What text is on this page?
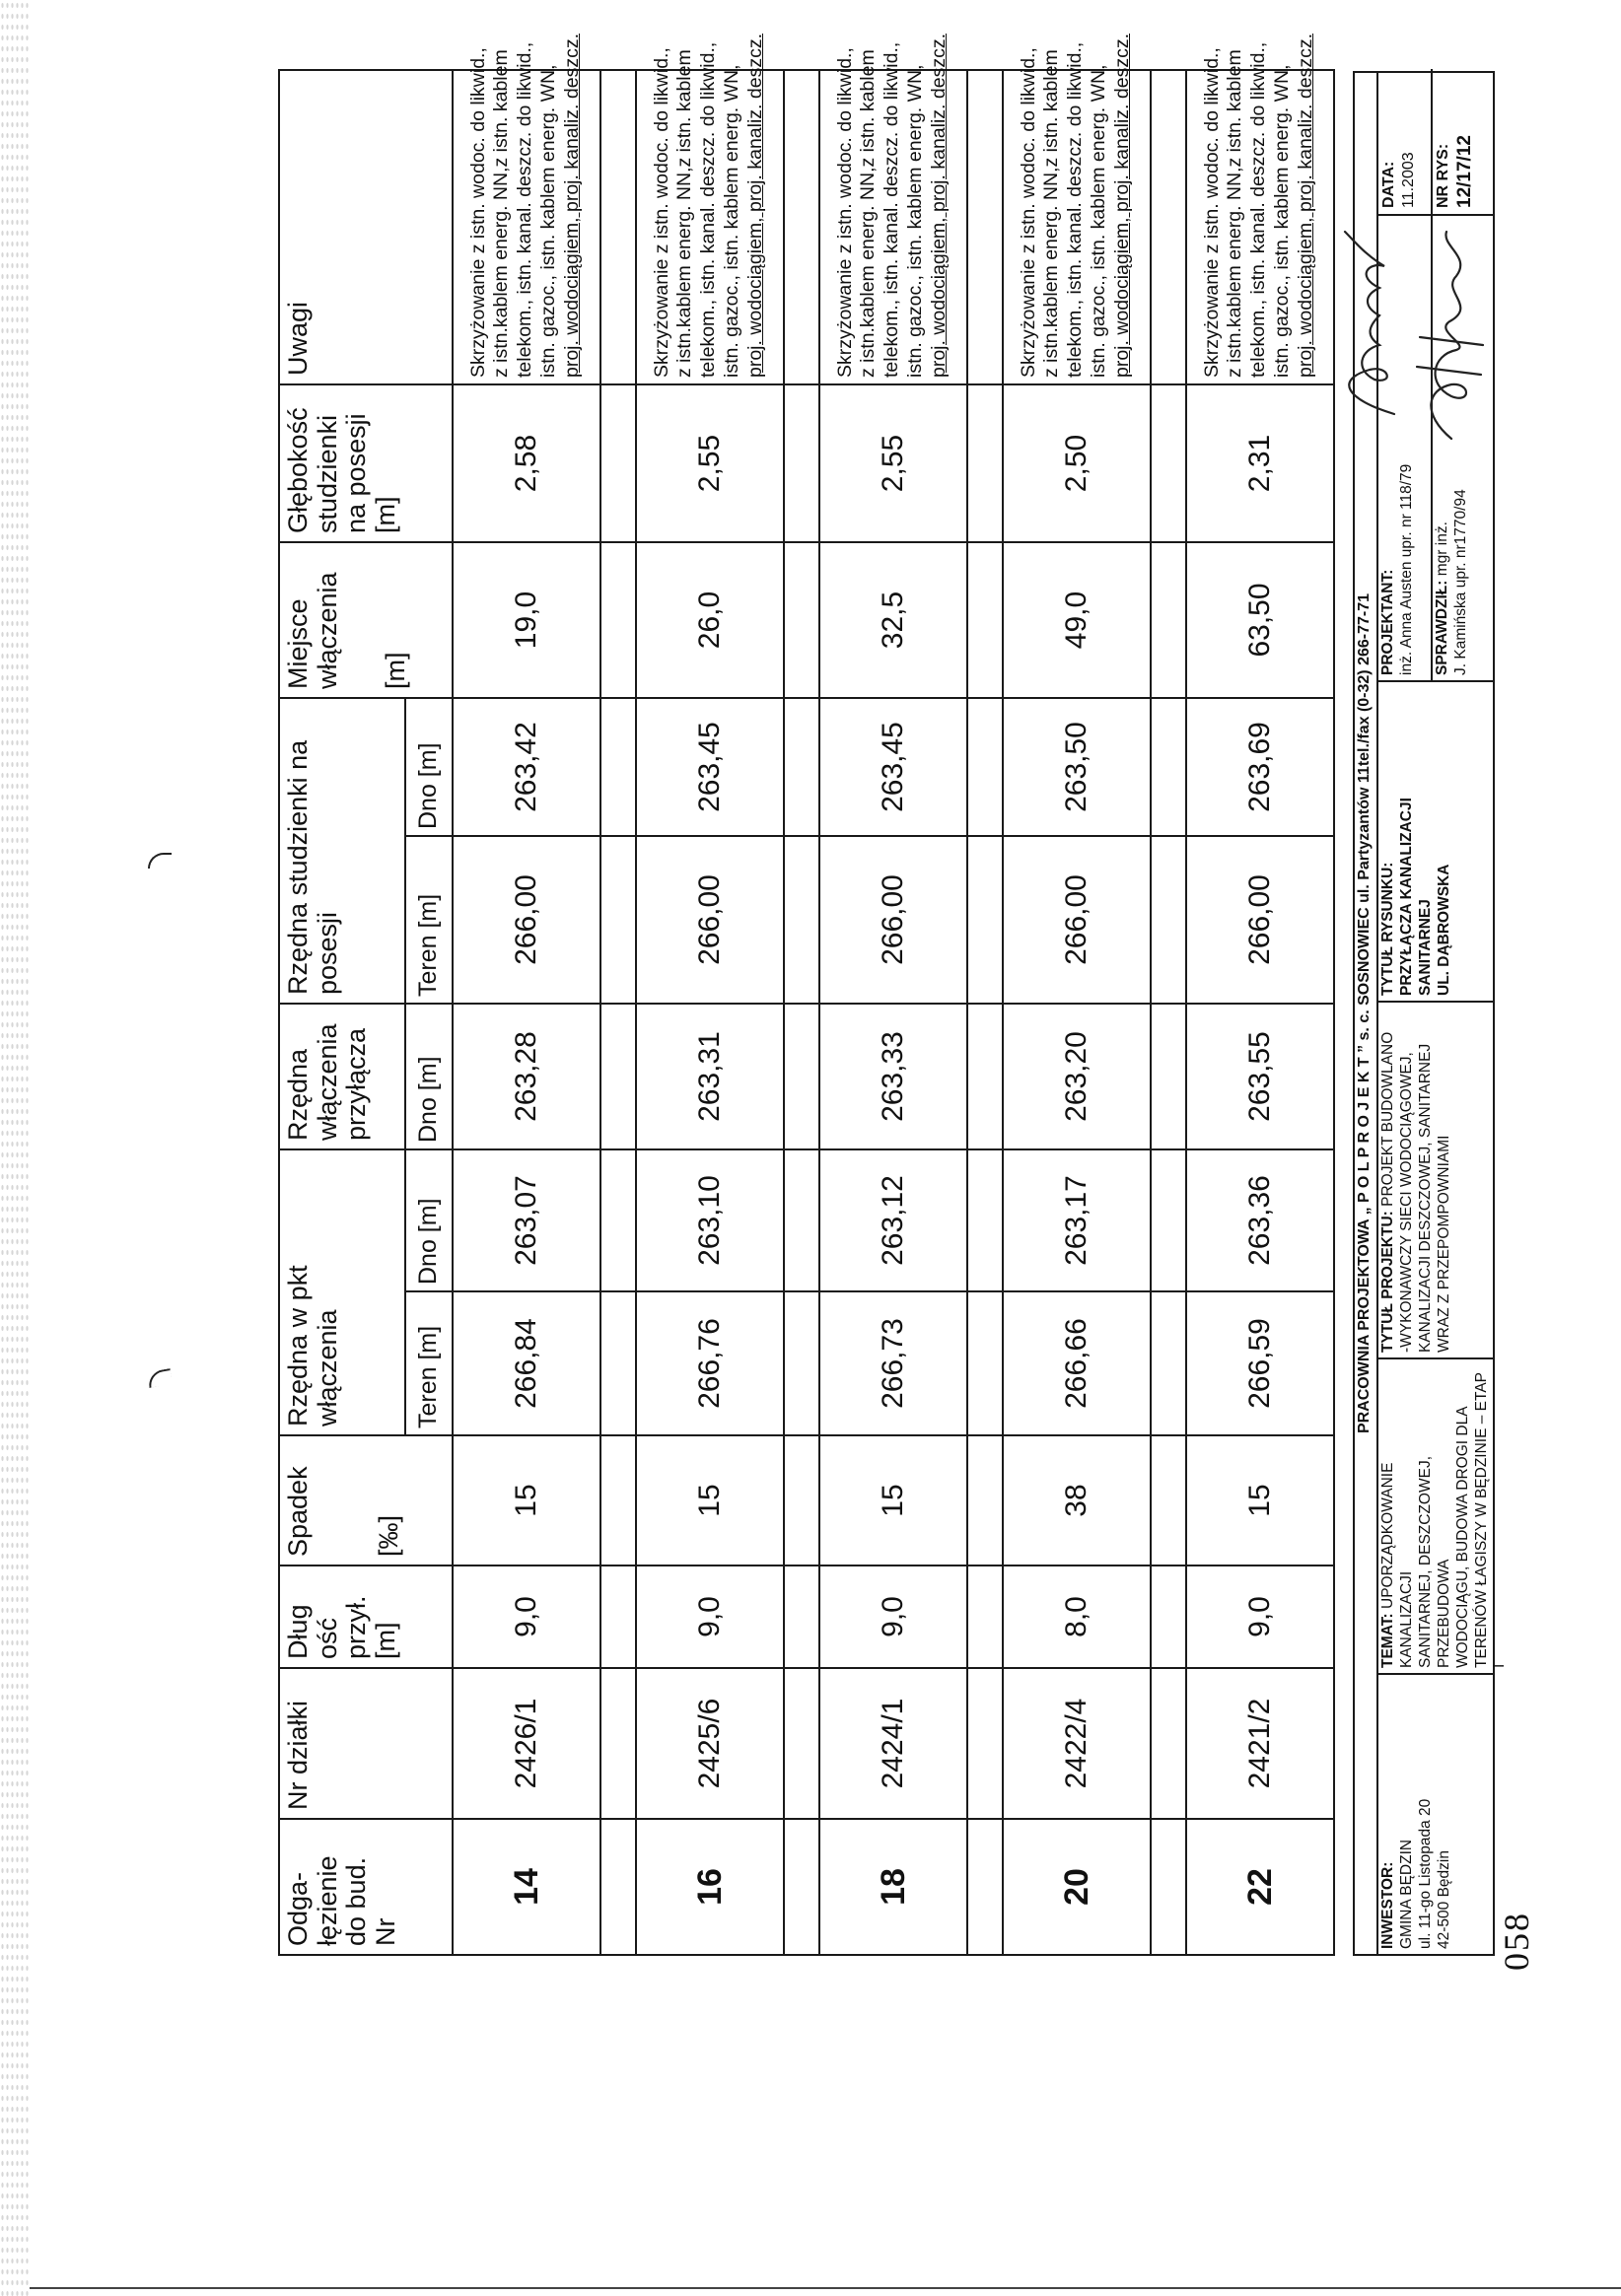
Odga-łęzienie do bud. Nr	Nr działki	Dług ość przył. [m]	Spadek [‰]	Rzędna w pkt włączenia		Rzędna włączenia przyłącza	Rzędna studzienki na posesji		Miejsce włączenia [m]	Głębokość studzienki na posesji [m]	Uwagi
				Teren [m]	Dno [m]	Dno [m]	Teren [m]	Dno [m]			
14	2426/1	9,0	15	266,84	263,07	263,28	266,00	263,42	19,0	2,58	Skrzyżowanie z istn. wodoc. do likwid., z istn.kablem energ. NN,z istn. kablem telekom., istn. kanal. deszcz. do likwid., istn. gazoc., istn. kablem energ. WN, proj. wodociągiem, proj. kanaliz. deszcz.

16	2425/6	9,0	15	266,76	263,10	263,31	266,00	263,45	26,0	2,55	Skrzyżowanie z istn. wodoc. do likwid., z istn.kablem energ. NN,z istn. kablem telekom., istn. kanal. deszcz. do likwid., istn. gazoc., istn. kablem energ. WN, proj. wodociągiem, proj. kanaliz. deszcz.

18	2424/1	9,0	15	266,73	263,12	263,33	266,00	263,45	32,5	2,55	Skrzyżowanie z istn. wodoc. do likwid., z istn.kablem energ. NN,z istn. kablem telekom., istn. kanal. deszcz. do likwid., istn. gazoc., istn. kablem energ. WN, proj. wodociągiem, proj. kanaliz. deszcz.

20	2422/4	8,0	38	266,66	263,17	263,20	266,00	263,50	49,0	2,50	Skrzyżowanie z istn. wodoc. do likwid., z istn.kablem energ. NN,z istn. kablem telekom., istn. kanal. deszcz. do likwid., istn. gazoc., istn. kablem energ. WN, proj. wodociągiem, proj. kanaliz. deszcz.

22	2421/2	9,0	15	266,59	263,36	263,55	266,00	263,69	63,50	2,31	Skrzyżowanie z istn. wodoc. do likwid., z istn.kablem energ. NN,z istn. kablem telekom., istn. kanal. deszcz. do likwid., istn. gazoc., istn. kablem energ. WN, proj. wodociągiem, proj. kanaliz. deszcz.
PRACOWNIA PROJEKTOWA „ P O L P R O J E K T ” s. c. SOSNOWIEC ul. Partyzantów 11tel./fax (0-32) 266-77-71
INWESTOR: GMINA BĘDZIN ul. 11-go Listopada 20 42-500 Będzin
TEMAT: UPORZĄDKOWANIE KANALIZACJI SANITARNEJ, DESZCZOWEJ, PRZEBUDOWA WODOCIĄGU, BUDOWA DROGI DLA TERENÓW ŁAGISZY W BĘDZINIE – ETAP I
TYTUŁ PROJEKTU: PROJEKT BUDOWLANO -WYKONAWCZY SIECI WODOCIĄGOWEJ, KANALIZACJI DESZCZOWEJ, SANITARNEJ WRAZ Z PRZEPOMPOWNIAMI
TYTUŁ RYSUNKU: PRZYŁĄCZA KANALIZACJI SANITARNEJ UL. DĄBROWSKA
PROJEKTANT: inż. Anna Austen upr. nr 118/79 SPRAWDZIŁ: mgr inż. J. Kamińska upr. nr1770/94
DATA: 11.2003 NR RYS: 12/17/12
058
